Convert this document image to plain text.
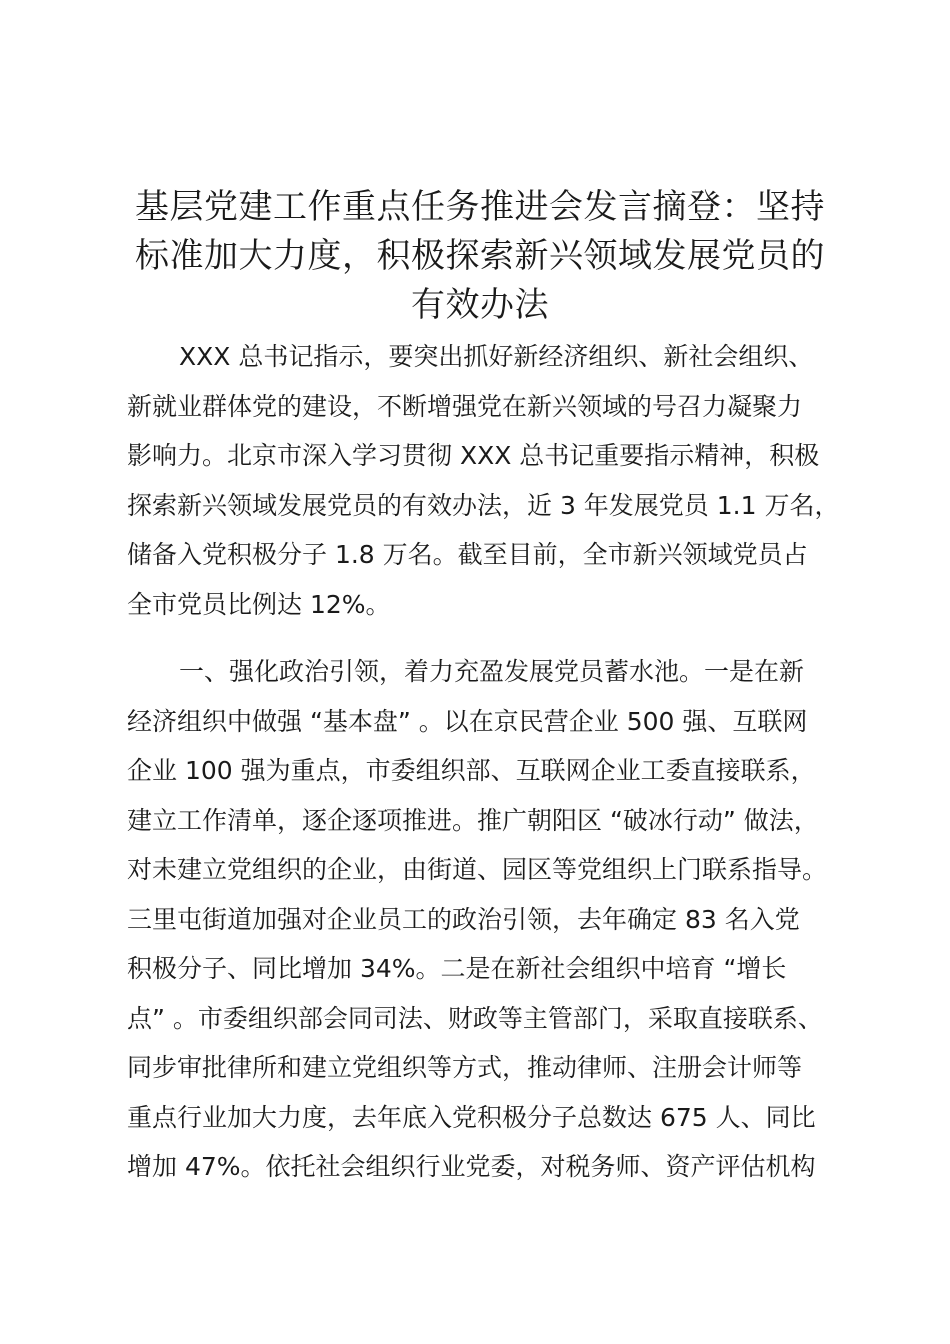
基层党建工作重点任务推进会发言摘登：坚持
标准加大力度，积极探索新兴领域发展党员的
有效办法
XXX 总书记指示，要突出抓好新经济组织、新社会组织、
新就业群体党的建设，不断增强党在新兴领域的号召力凝聚力
影响力。北京市深入学习贯彻 XXX 总书记重要指示精神，积极
探索新兴领域发展党员的有效办法，近 3 年发展党员 1.1 万名，
储备入党积极分子 1.8 万名。截至目前，全市新兴领域党员占
全市党员比例达 12%。
一、强化政治引领，着力充盈发展党员蓄水池。一是在新
经济组织中做强 “基本盘” 。以在京民营企业 500 强、互联网
企业 100 强为重点，市委组织部、互联网企业工委直接联系，
建立工作清单，逐企逐项推进。推广朝阳区 “破冰行动” 做法，
对未建立党组织的企业，由街道、园区等党组织上门联系指导。
三里屯街道加强对企业员工的政治引领，去年确定 83 名入党
积极分子、同比增加 34%。二是在新社会组织中培育 “增长
点” 。市委组织部会同司法、财政等主管部门，采取直接联系、
同步审批律所和建立党组织等方式，推动律师、注册会计师等
重点行业加大力度，去年底入党积极分子总数达 675 人、同比
增加 47%。依托社会组织行业党委，对税务师、资产评估机构
